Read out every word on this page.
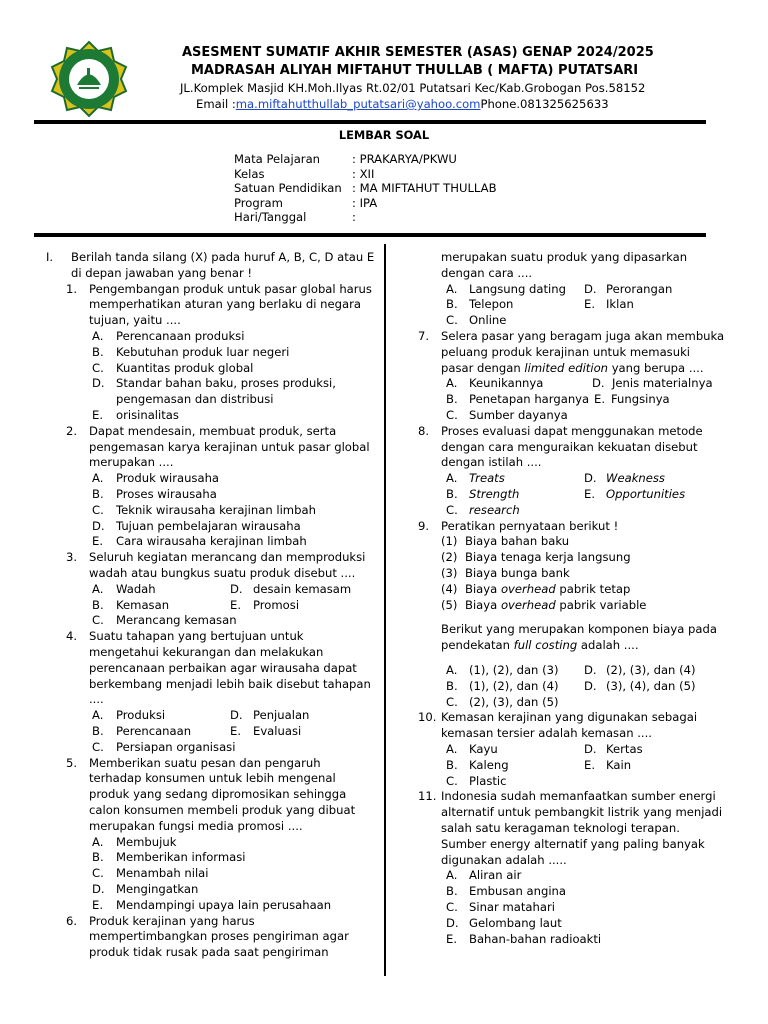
ASESMENT SUMATIF AKHIR SEMESTER (ASAS) GENAP 2024/2025
MADRASAH ALIYAH MIFTAHUT THULLAB ( MAFTA) PUTATSARI
JL.Komplek Masjid KH.Moh.Ilyas Rt.02/01 Putatsari Kec/Kab.Grobogan Pos.58152
Email :ma.miftahutthullab_putatsari@yahoo.comPhone.081325625633
LEMBAR SOAL
Mata Pelajaran	: PRAKARYA/PKWU
Kelas	: XII
Satuan Pendidikan : MA MIFTAHUT THULLAB
Program	: IPA
Hari/Tanggal	:
I. Berilah tanda silang (X) pada huruf A, B, C, D atau E
di depan jawaban yang benar !
1. Pengembangan produk untuk pasar global harus
memperhatikan aturan yang berlaku di negara
tujuan, yaitu ....
A. Perencanaan produksi
B. Kebutuhan produk luar negeri
C. Kuantitas produk global
D. Standar bahan baku, proses produksi,
pengemasan dan distribusi
E. orisinalitas
2. Dapat mendesain, membuat produk, serta
pengemasan karya kerajinan untuk pasar global
merupakan ....
A. Produk wirausaha
B. Proses wirausaha
C. Teknik wirausaha kerajinan limbah
D. Tujuan pembelajaran wirausaha
E. Cara wirausaha kerajinan limbah
3. Seluruh kegiatan merancang dan memproduksi
wadah atau bungkus suatu produk disebut ....
A. Wadah	D. desain kemasam
B. Kemasan	E. Promosi
C. Merancang kemasan
4. Suatu tahapan yang bertujuan untuk
mengetahui kekurangan dan melakukan
perencanaan perbaikan agar wirausaha dapat
berkembang menjadi lebih baik disebut tahapan
....
A. Produksi	D. Penjualan
B. Perencanaan	E. Evaluasi
C. Persiapan organisasi
5. Memberikan suatu pesan dan pengaruh
terhadap konsumen untuk lebih mengenal
produk yang sedang dipromosikan sehingga
calon konsumen membeli produk yang dibuat
merupakan fungsi media promosi ....
A. Membujuk
B. Memberikan informasi
C. Menambah nilai
D. Mengingatkan
E. Mendampingi upaya lain perusahaan
6. Produk kerajinan yang harus
mempertimbangkan proses pengiriman agar
produk tidak rusak pada saat pengiriman
merupakan suatu produk yang dipasarkan
dengan cara ....
A. Langsung dating D. Perorangan
B. Telepon	E. Iklan
C. Online
7. Selera pasar yang beragam juga akan membuka
peluang produk kerajinan untuk memasuki
pasar dengan limited edition yang berupa ....
A. Keunikannya	D. Jenis materialnya
B. Penetapan harganya E. Fungsinya
C. Sumber dayanya
8. Proses evaluasi dapat menggunakan metode
dengan cara menguraikan kekuatan disebut
dengan istilah ....
A. Treats	D. Weakness
B. Strength	E. Opportunities
C. research
9. Peratikan pernyataan berikut !
(1) Biaya bahan baku
(2) Biaya tenaga kerja langsung
(3) Biaya bunga bank
(4) Biaya overhead pabrik tetap
(5) Biaya overhead pabrik variable
Berikut yang merupakan komponen biaya pada
pendekatan full costing adalah ....
A. (1), (2), dan (3) D. (2), (3), dan (4)
B. (1), (2), dan (4) D. (3), (4), dan (5)
C. (2), (3), dan (5)
10. Kemasan kerajinan yang digunakan sebagai
kemasan tersier adalah kemasan ....
A. Kayu	D. Kertas
B. Kaleng	E. Kain
C. Plastic
11. Indonesia sudah memanfaatkan sumber energi
alternatif untuk pembangkit listrik yang menjadi
salah satu keragaman teknologi terapan.
Sumber energy alternatif yang paling banyak
digunakan adalah .....
A. Aliran air
B. Embusan angina
C. Sinar matahari
D. Gelombang laut
E. Bahan-bahan radioakti
